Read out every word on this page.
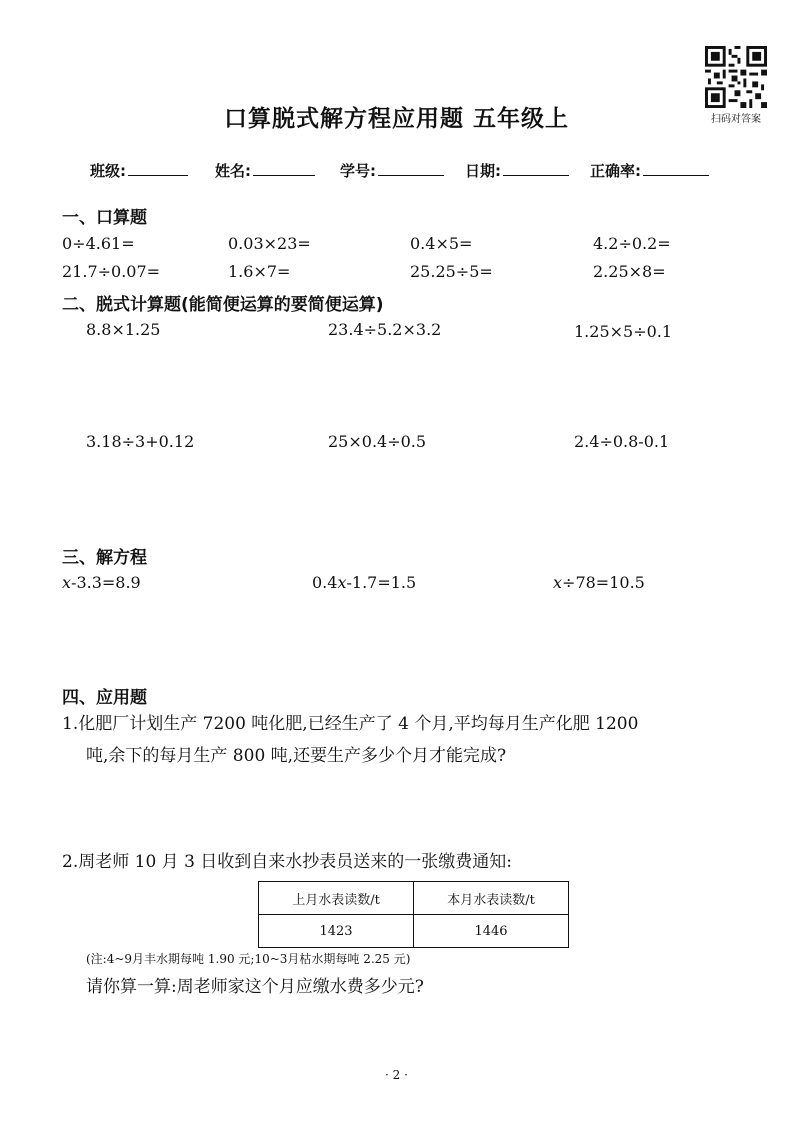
扫码对答案
口算脱式解方程应用题 五年级上
班级:	姓名:	学号:	日期:	正确率:
一、口算题
0÷4.61=	0.03×23=	0.4×5=	4.2÷0.2=
21.7÷0.07=	1.6×7=	25.25÷5=	2.25×8=
二、脱式计算题(能简便运算的要简便运算)
8.8×1.25	23.4÷5.2×3.2	1.25×5÷0.1
3.18÷3+0.12	25×0.4÷0.5	2.4÷0.8-0.1
三、解方程
x-3.3=8.9	0.4x-1.7=1.5	x÷78=10.5
四、应用题
1.化肥厂计划生产 7200 吨化肥,已经生产了 4 个月,平均每月生产化肥 1200
吨,余下的每月生产 800 吨,还要生产多少个月才能完成?
2.周老师 10 月 3 日收到自来水抄表员送来的一张缴费通知:
上月水表读数/t	本月水表读数/t
1423	1446
(注:4~9月丰水期每吨 1.90 元;10~3月枯水期每吨 2.25 元)
请你算一算:周老师家这个月应缴水费多少元?
· 2 ·
